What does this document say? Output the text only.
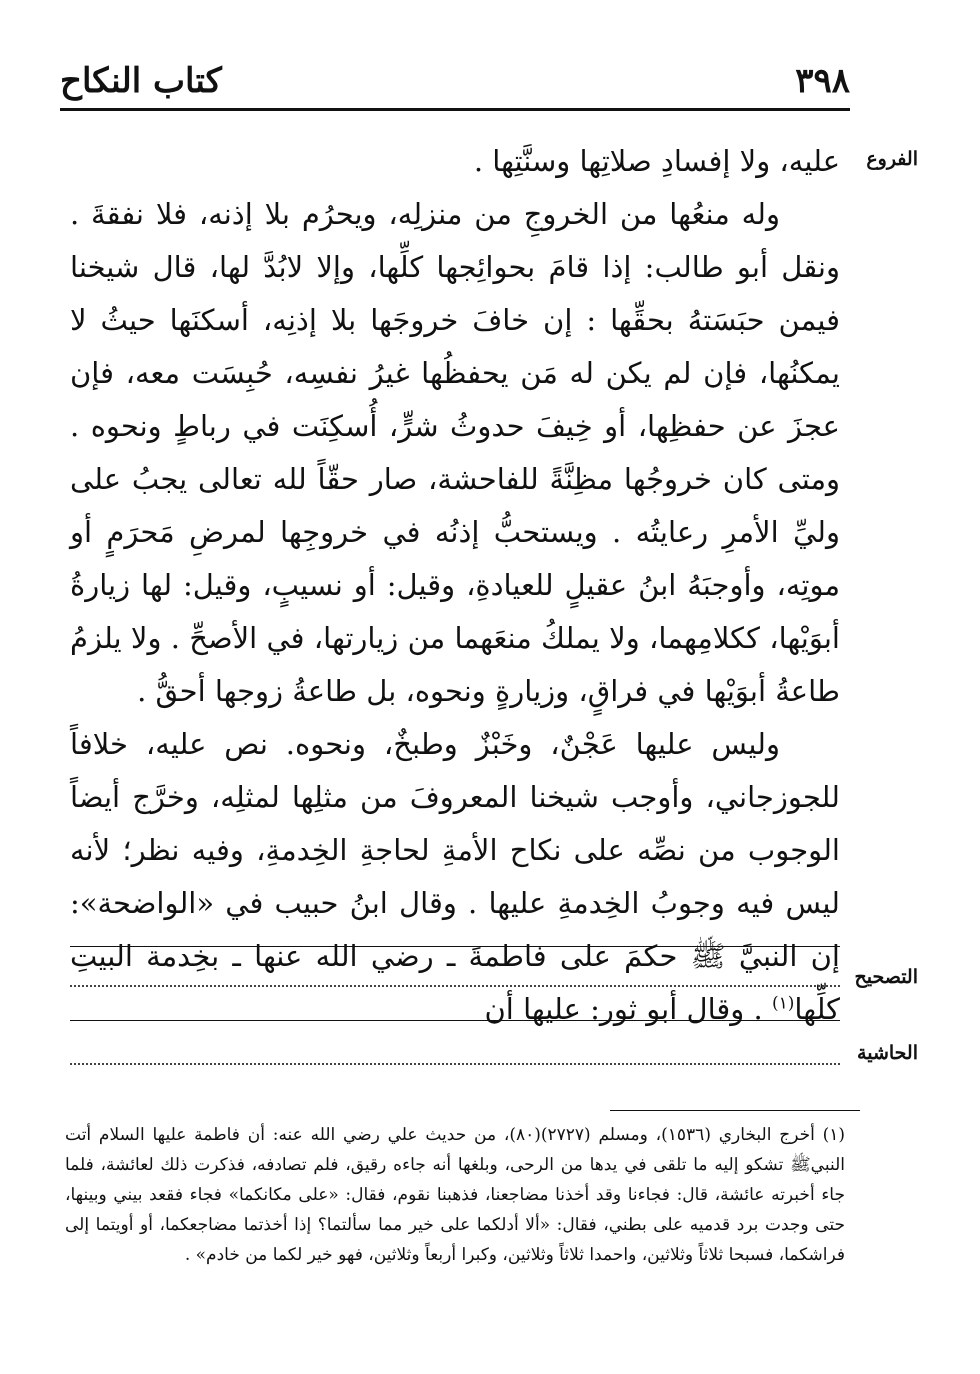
٣٩٨
كتاب النكاح
الفروع

عليه، ولا إفسادِ صلاتِها وسنَّتِها .

وله منعُها من الخروجِ من منزلِه، ويحرُم بلا إذنه، فلا نفقةَ . ونقل أبو طالب: إذا قامَ بحوائِجها كلِّها، وإلا لابُدَّ لها، قال شيخنا فيمن حبَسَتهُ بحقِّها : إن خافَ خروجَها بلا إذنِه، أسكنَها حيثُ لا يمكنُها، فإن لم يكن له مَن يحفظُها غيرُ نفسِه، حُبِسَت معه، فإن عجزَ عن حفظِها، أو خِيفَ حدوثُ شرٍّ، أُسكِنَت في رباطٍ ونحوه . ومتى كان خروجُها مظِنَّةً للفاحشة، صار حقّاً لله تعالى يجبُ على وليِّ الأمرِ رعايتُه . ويستحبُّ إذنُه في خروجِها لمرضِ مَحرَمٍ أو موتِه، وأوجبَهُ ابنُ عقيلٍ للعيادةِ، وقيل: أو نسيبٍ، وقيل: لها زيارةُ أبوَيْها، ككلامِهما، ولا يملكُ منعَهما من زيارتها، في الأصحِّ . ولا يلزمُ طاعةُ أبوَيْها في فراقٍ، وزيارةٍ ونحوه، بل طاعةُ زوجها أحقُّ .

وليس عليها عَجْنٌ، وخَبْزٌ وطبخٌ، ونحوه. نص عليه، خلافاً للجوزجاني، وأوجب شيخنا المعروفَ من مثلِها لمثلِه، وخرَّج أيضاً الوجوب من نصِّه على نكاح الأمةِ لحاجةِ الخِدمةِ، وفيه نظر؛ لأنه ليس فيه وجوبُ الخِدمةِ عليها . وقال ابنُ حبيب في «الواضحة»: إن النبيَّ ﷺ حكمَ على فاطمةَ ـ رضي الله عنها ـ بخِدمة البيتِ كلِّها$^{(١)}$ . وقال أبو ثور: عليها أن

التصحيح
الحاشية

(١) أخرج البخاري (١٥٣٦)، ومسلم (٢٧٢٧)(٨٠)، من حديث علي رضي الله عنه: أن فاطمة عليها السلام أتت النبيﷺ تشكو إليه ما تلقى في يدها من الرحى، وبلغها أنه جاءه رقيق، فلم تصادفه، فذكرت ذلك لعائشة، فلما جاء أخبرته عائشة، قال: فجاءنا وقد أخذنا مضاجعنا، فذهبنا نقوم، فقال: «على مكانكما» فجاء فقعد بيني وبينها، حتى وجدت برد قدميه على بطني، فقال: «ألا أدلكما على خير مما سألتما؟ إذا أخذتما مضاجعكما، أو أويتما إلى فراشكما، فسبحا ثلاثاً وثلاثين، واحمدا ثلاثاً وثلاثين، وكبرا أربعاً وثلاثين، فهو خير لكما من خادم» .
